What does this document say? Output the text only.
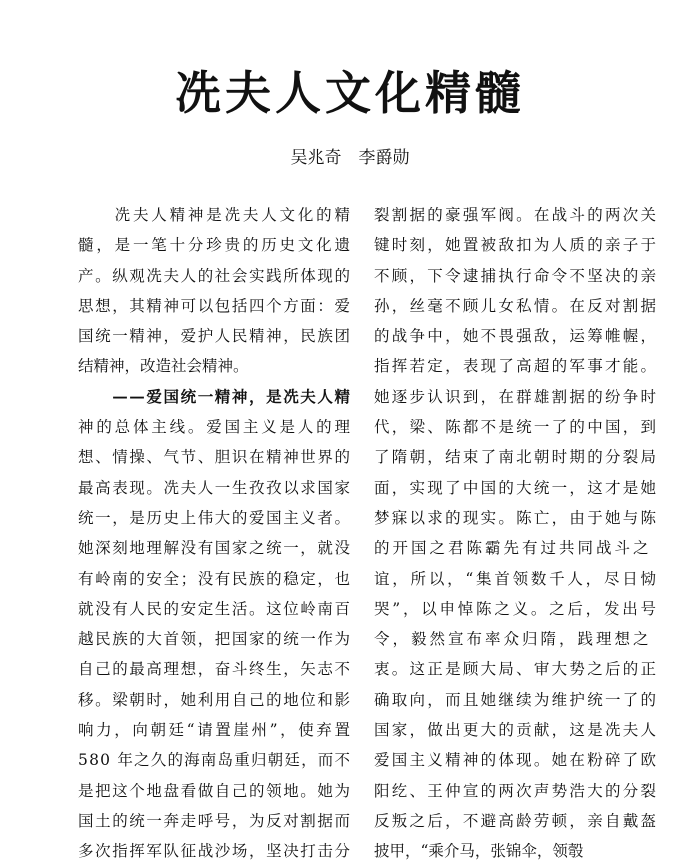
冼夫人文化精髓
吴兆奇　李爵勋
　　冼夫人精神是冼夫人文化的精
髓，是一笔十分珍贵的历史文化遗
产。纵观冼夫人的社会实践所体现的
思想，其精神可以包括四个方面：爱
国统一精神，爱护人民精神，民族团
结精神，改造社会精神。
　　——爱国统一精神，是冼夫人精
神的总体主线。爱国主义是人的理
想、情操、气节、胆识在精神世界的
最高表现。冼夫人一生孜孜以求国家
统一，是历史上伟大的爱国主义者。
她深刻地理解没有国家之统一，就没
有岭南的安全；没有民族的稳定，也
就没有人民的安定生活。这位岭南百
越民族的大首领，把国家的统一作为
自己的最高理想，奋斗终生，矢志不
移。梁朝时，她利用自己的地位和影
响力，向朝廷“请置崖州”，使弃置
580 年之久的海南岛重归朝廷，而不
是把这个地盘看做自己的领地。她为
国土的统一奔走呼号，为反对割据而
多次指挥军队征战沙场，坚决打击分
裂割据的豪强军阀。在战斗的两次关
键时刻，她置被敌扣为人质的亲子于
不顾，下令逮捕执行命令不坚决的亲
孙，丝毫不顾儿女私情。在反对割据
的战争中，她不畏强敌，运筹帷幄，
指挥若定，表现了高超的军事才能。
她逐步认识到，在群雄割据的纷争时
代，梁、陈都不是统一了的中国，到
了隋朝，结束了南北朝时期的分裂局
面，实现了中国的大统一，这才是她
梦寐以求的现实。陈亡，由于她与陈
的开国之君陈霸先有过共同战斗之
谊，所以，“集首领数千人，尽日恸
哭”，以申悼陈之义。之后，发出号
令，毅然宣布率众归隋，践理想之
衷。这正是顾大局、审大势之后的正
确取向，而且她继续为维护统一了的
国家，做出更大的贡献，这是冼夫人
爱国主义精神的体现。她在粉碎了欧
阳纥、王仲宣的两次声势浩大的分裂
反叛之后，不避高龄劳顿，亲自戴盔
披甲，“乘介马，张锦伞，领彀
